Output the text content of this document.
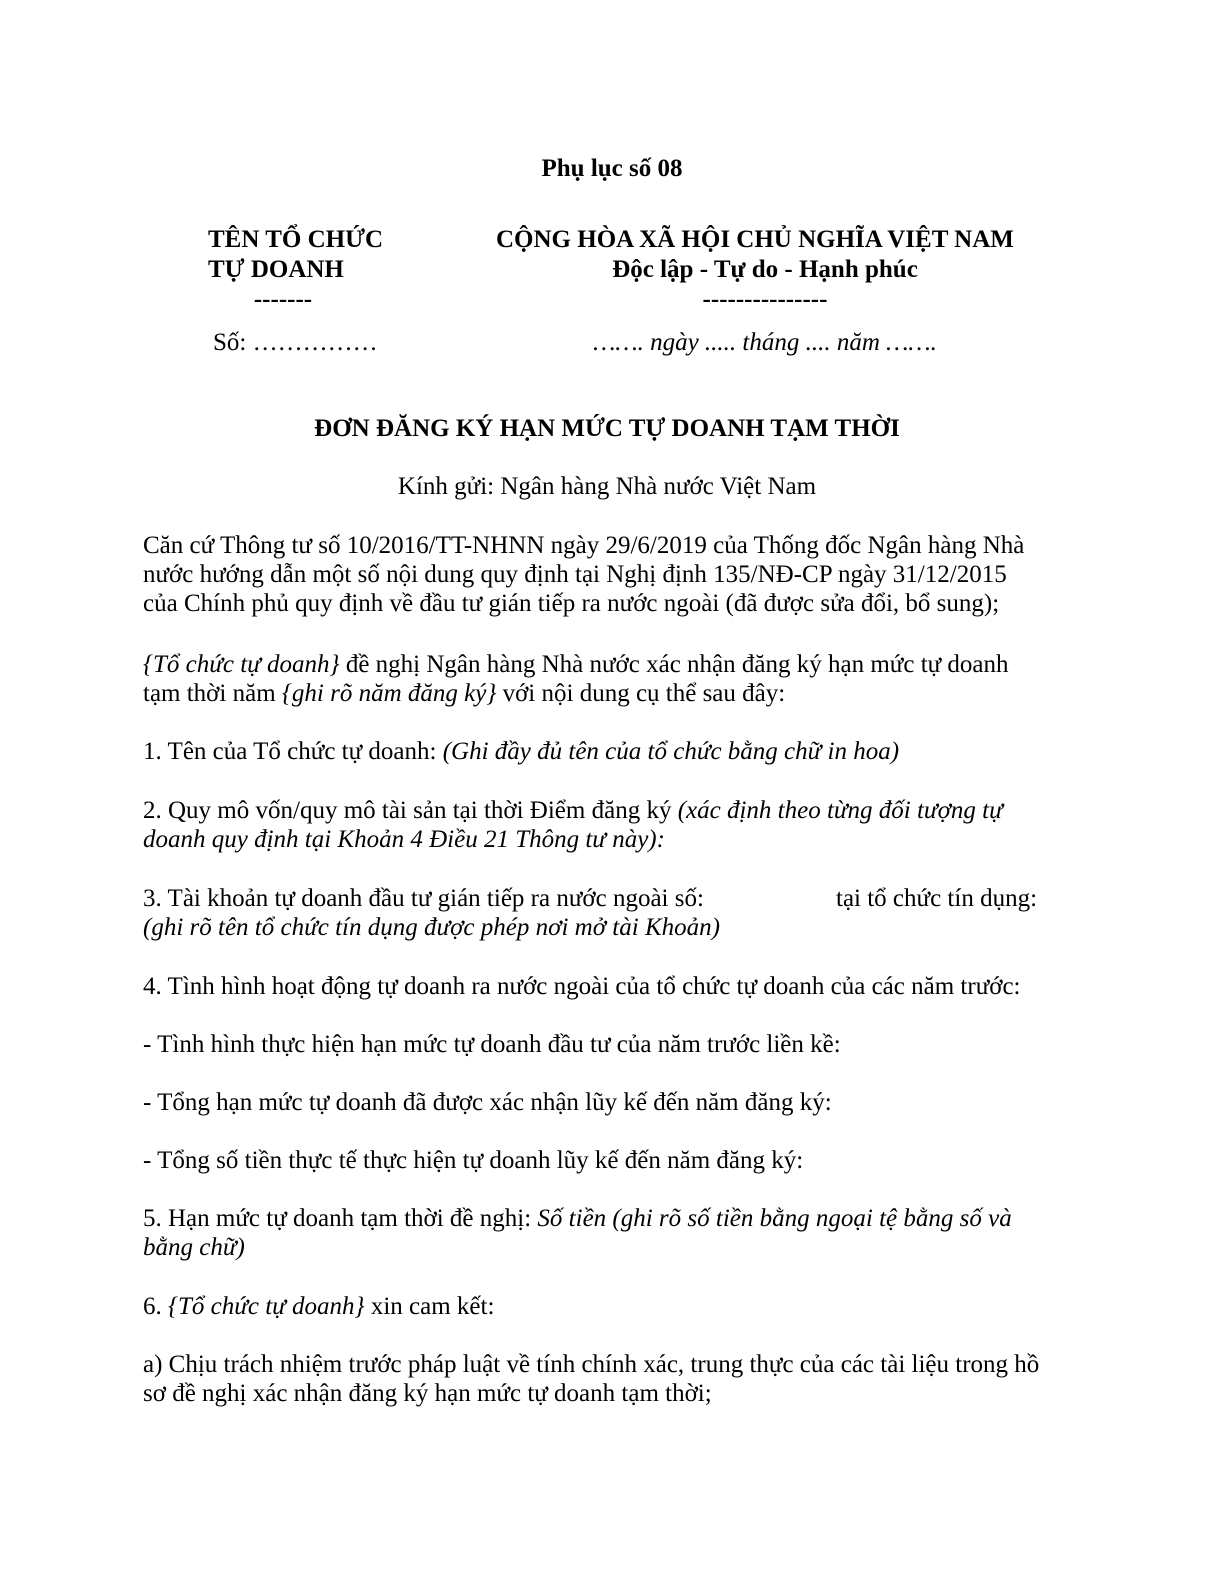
Phụ lục số 08
TÊN TỔ CHỨC
TỰ DOANH
-------
Số: ……………
CỘNG HÒA XÃ HỘI CHỦ NGHĨA VIỆT NAM
Độc lập - Tự do - Hạnh phúc
---------------
……. ngày ..... tháng .... năm …….
ĐƠN ĐĂNG KÝ HẠN MỨC TỰ DOANH TẠM THỜI
Kính gửi: Ngân hàng Nhà nước Việt Nam
Căn cứ Thông tư số 10/2016/TT-NHNN ngày 29/6/2019 của Thống đốc Ngân hàng Nhà
nước hướng dẫn một số nội dung quy định tại Nghị định 135/NĐ-CP ngày 31/12/2015
của Chính phủ quy định về đầu tư gián tiếp ra nước ngoài (đã được sửa đổi, bổ sung);
{Tổ chức tự doanh} đề nghị Ngân hàng Nhà nước xác nhận đăng ký hạn mức tự doanh
tạm thời năm {ghi rõ năm đăng ký} với nội dung cụ thể sau đây:
1. Tên của Tổ chức tự doanh: (Ghi đầy đủ tên của tổ chức bằng chữ in hoa)
2. Quy mô vốn/quy mô tài sản tại thời Điểm đăng ký (xác định theo từng đối tượng tự
doanh quy định tại Khoản 4 Điều 21 Thông tư này):
3. Tài khoản tự doanh đầu tư gián tiếp ra nước ngoài số:	tại tổ chức tín dụng:
(ghi rõ tên tổ chức tín dụng được phép nơi mở tài Khoản)
4. Tình hình hoạt động tự doanh ra nước ngoài của tổ chức tự doanh của các năm trước:
- Tình hình thực hiện hạn mức tự doanh đầu tư của năm trước liền kề:
- Tổng hạn mức tự doanh đã được xác nhận lũy kế đến năm đăng ký:
- Tổng số tiền thực tế thực hiện tự doanh lũy kế đến năm đăng ký:
5. Hạn mức tự doanh tạm thời đề nghị: Số tiền (ghi rõ số tiền bằng ngoại tệ bằng số và
bằng chữ)
6. {Tổ chức tự doanh} xin cam kết:
a) Chịu trách nhiệm trước pháp luật về tính chính xác, trung thực của các tài liệu trong hồ
sơ đề nghị xác nhận đăng ký hạn mức tự doanh tạm thời;
